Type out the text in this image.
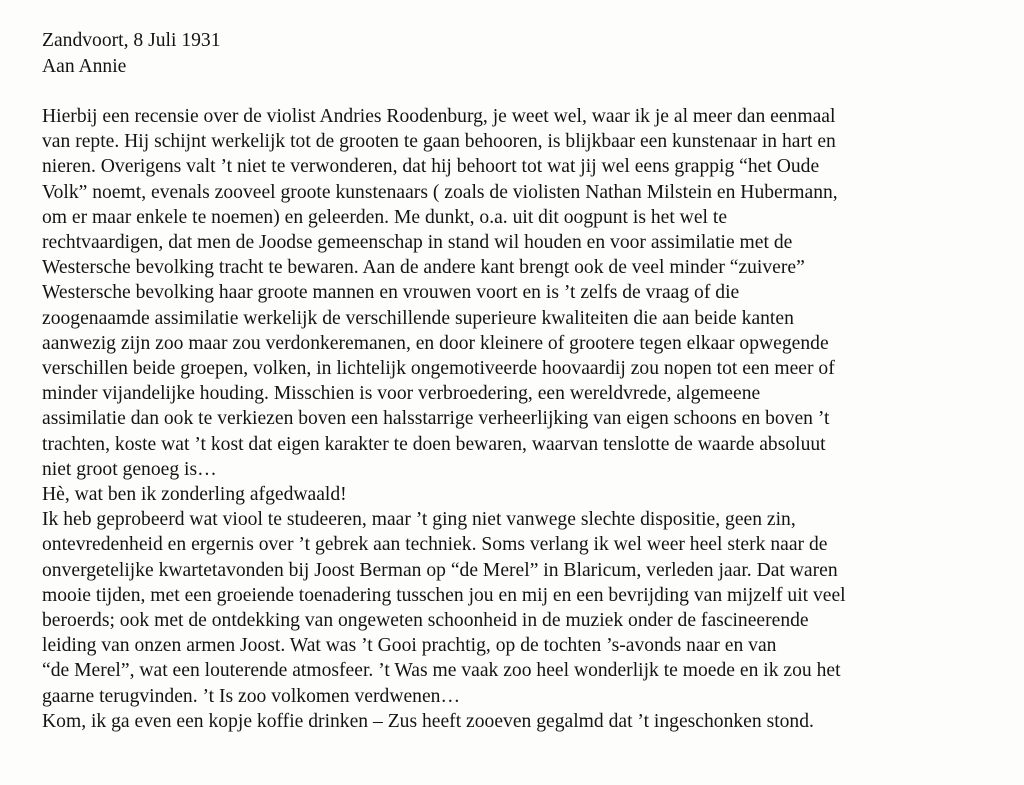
Zandvoort, 8 Juli 1931
Aan Annie
Hierbij een recensie over de violist Andries Roodenburg, je weet wel, waar ik je al meer dan eenmaal
van repte. Hij schijnt werkelijk tot de grooten te gaan behooren, is blijkbaar een kunstenaar in hart en
nieren. Overigens valt ’t niet te verwonderen, dat hij behoort tot wat jij wel eens grappig “het Oude
Volk” noemt, evenals zooveel groote kunstenaars ( zoals de violisten Nathan Milstein en Hubermann,
om er maar enkele te noemen) en geleerden. Me dunkt, o.a. uit dit oogpunt is het wel te
rechtvaardigen, dat men de Joodse gemeenschap in stand wil houden en voor assimilatie met de
Westersche bevolking tracht te bewaren. Aan de andere kant brengt ook de veel minder “zuivere”
Westersche bevolking haar groote mannen en vrouwen voort en is ’t zelfs de vraag of die
zoogenaamde assimilatie werkelijk de verschillende superieure kwaliteiten die aan beide kanten
aanwezig zijn zoo maar zou verdonkeremanen, en door kleinere of grootere tegen elkaar opwegende
verschillen beide groepen, volken, in lichtelijk ongemotiveerde hoovaardij zou nopen tot een meer of
minder vijandelijke houding. Misschien is voor verbroedering, een wereldvrede, algemeene
assimilatie dan ook te verkiezen boven een halsstarrige verheerlijking van eigen schoons en boven ’t
trachten, koste wat ’t kost dat eigen karakter te doen bewaren, waarvan tenslotte de waarde absoluut
niet groot genoeg is…
Hè, wat ben ik zonderling afgedwaald!
Ik heb geprobeerd wat viool te studeeren, maar ’t ging niet vanwege slechte dispositie, geen zin,
ontevredenheid en ergernis over ’t gebrek aan techniek. Soms verlang ik wel weer heel sterk naar de
onvergetelijke kwartetavonden bij Joost Berman op “de Merel” in Blaricum, verleden jaar. Dat waren
mooie tijden, met een groeiende toenadering tusschen jou en mij en een bevrijding van mijzelf uit veel
beroerds; ook met de ontdekking van ongeweten schoonheid in de muziek onder de fascineerende
leiding van onzen armen Joost. Wat was ’t Gooi prachtig, op de tochten ’s-avonds naar en van
“de Merel”, wat een louterende atmosfeer. ’t Was me vaak zoo heel wonderlijk te moede en ik zou het
gaarne terugvinden. ’t Is zoo volkomen verdwenen…
Kom, ik ga even een kopje koffie drinken – Zus heeft zooeven gegalmd dat ’t ingeschonken stond.
